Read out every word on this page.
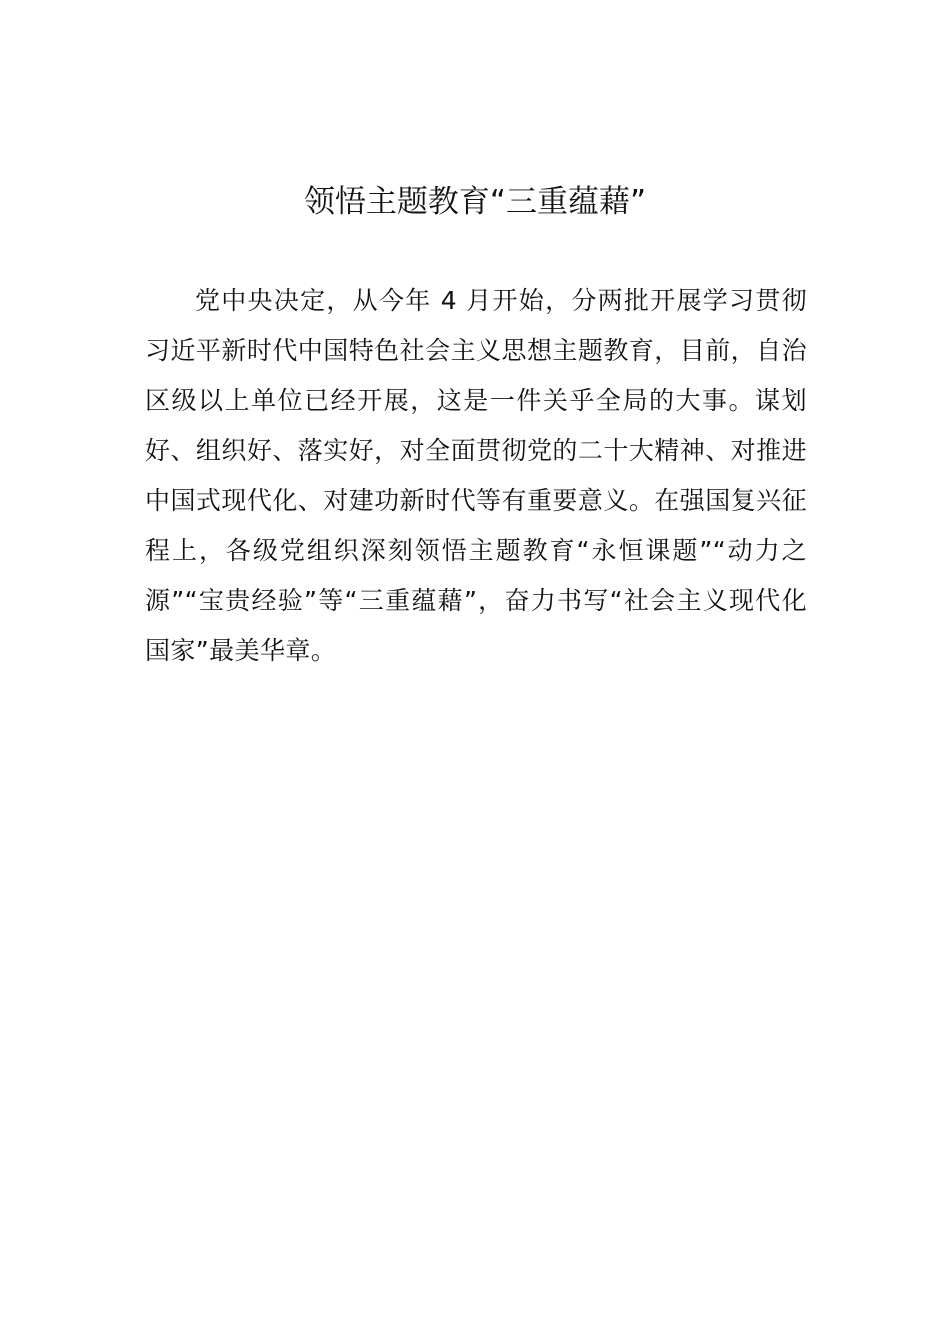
领悟主题教育“三重蕴藉”

党中央决定，从今年 4 月开始，分两批开展学习贯彻习近平新时代中国特色社会主义思想主题教育，目前，自治区级以上单位已经开展，这是一件关乎全局的大事。谋划好、组织好、落实好，对全面贯彻党的二十大精神、对推进中国式现代化、对建功新时代等有重要意义。在强国复兴征程上，各级党组织深刻领悟主题教育“永恒课题”“动力之源”“宝贵经验”等“三重蕴藉”，奋力书写“社会主义现代化国家”最美华章。
